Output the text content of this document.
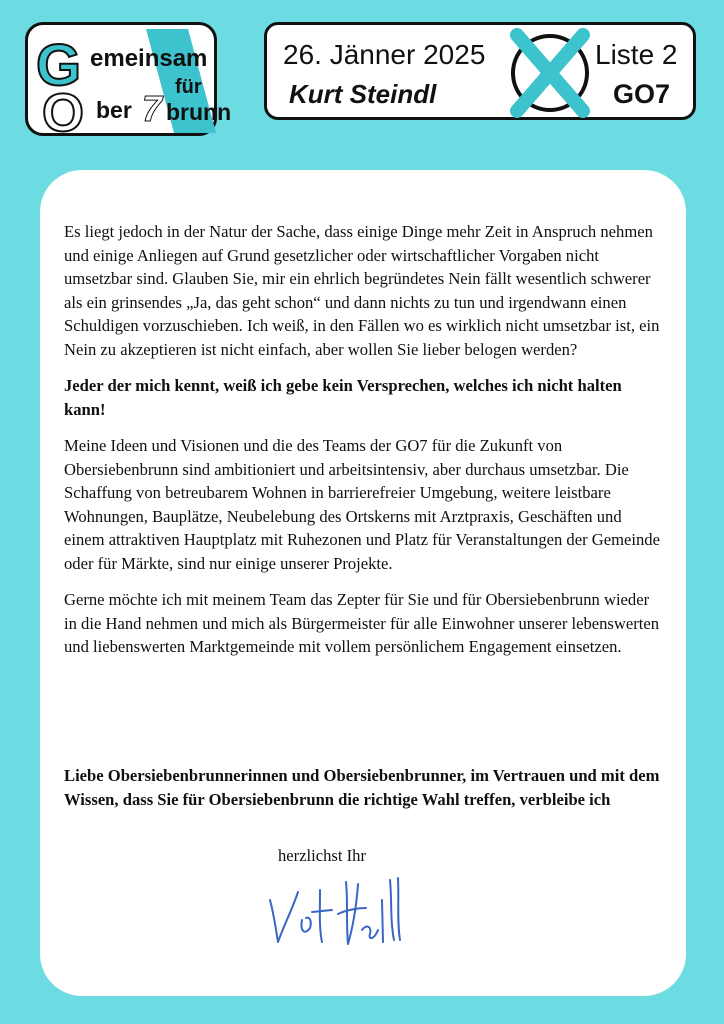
G
O
emeinsam
für
ber 7 brunn
26. Jänner 2025
Kurt Steindl
Liste 2
GO7

Es liegt jedoch in der Natur der Sache, dass einige Dinge mehr Zeit in Anspruch nehmen und einige Anliegen auf Grund gesetzlicher oder wirtschaftlicher Vorgaben nicht umsetzbar sind. Glauben Sie, mir ein ehrlich begründetes Nein fällt wesentlich schwerer als ein grinsendes „Ja, das geht schon“ und dann nichts zu tun und irgendwann einen Schuldigen vorzuschieben. Ich weiß, in den Fällen wo es wirklich nicht umsetzbar ist, ein Nein zu akzeptieren ist nicht einfach, aber wollen Sie lieber belogen werden?

Jeder der mich kennt, weiß ich gebe kein Versprechen, welches ich nicht halten kann!

Meine Ideen und Visionen und die des Teams der GO7 für die Zukunft von Obersiebenbrunn sind ambitioniert und arbeitsintensiv, aber durchaus umsetzbar. Die Schaffung von betreubarem Wohnen in barrierefreier Umgebung, weitere leistbare Wohnungen, Bauplätze, Neubelebung des Ortskerns mit Arztpraxis, Geschäften und einem attraktiven Hauptplatz mit Ruhezonen und Platz für Veranstaltungen der Gemeinde oder für Märkte, sind nur einige unserer Projekte.

Gerne möchte ich mit meinem Team das Zepter für Sie und für Obersiebenbrunn wieder in die Hand nehmen und mich als Bürgermeister für alle Einwohner unserer lebenswerten und liebenswerten Marktgemeinde mit vollem persönlichem Engagement einsetzen.

Liebe Obersiebenbrunnerinnen und Obersiebenbrunner, im Vertrauen und mit dem Wissen, dass Sie für Obersiebenbrunn die richtige Wahl treffen, verbleibe ich

herzlichst Ihr
